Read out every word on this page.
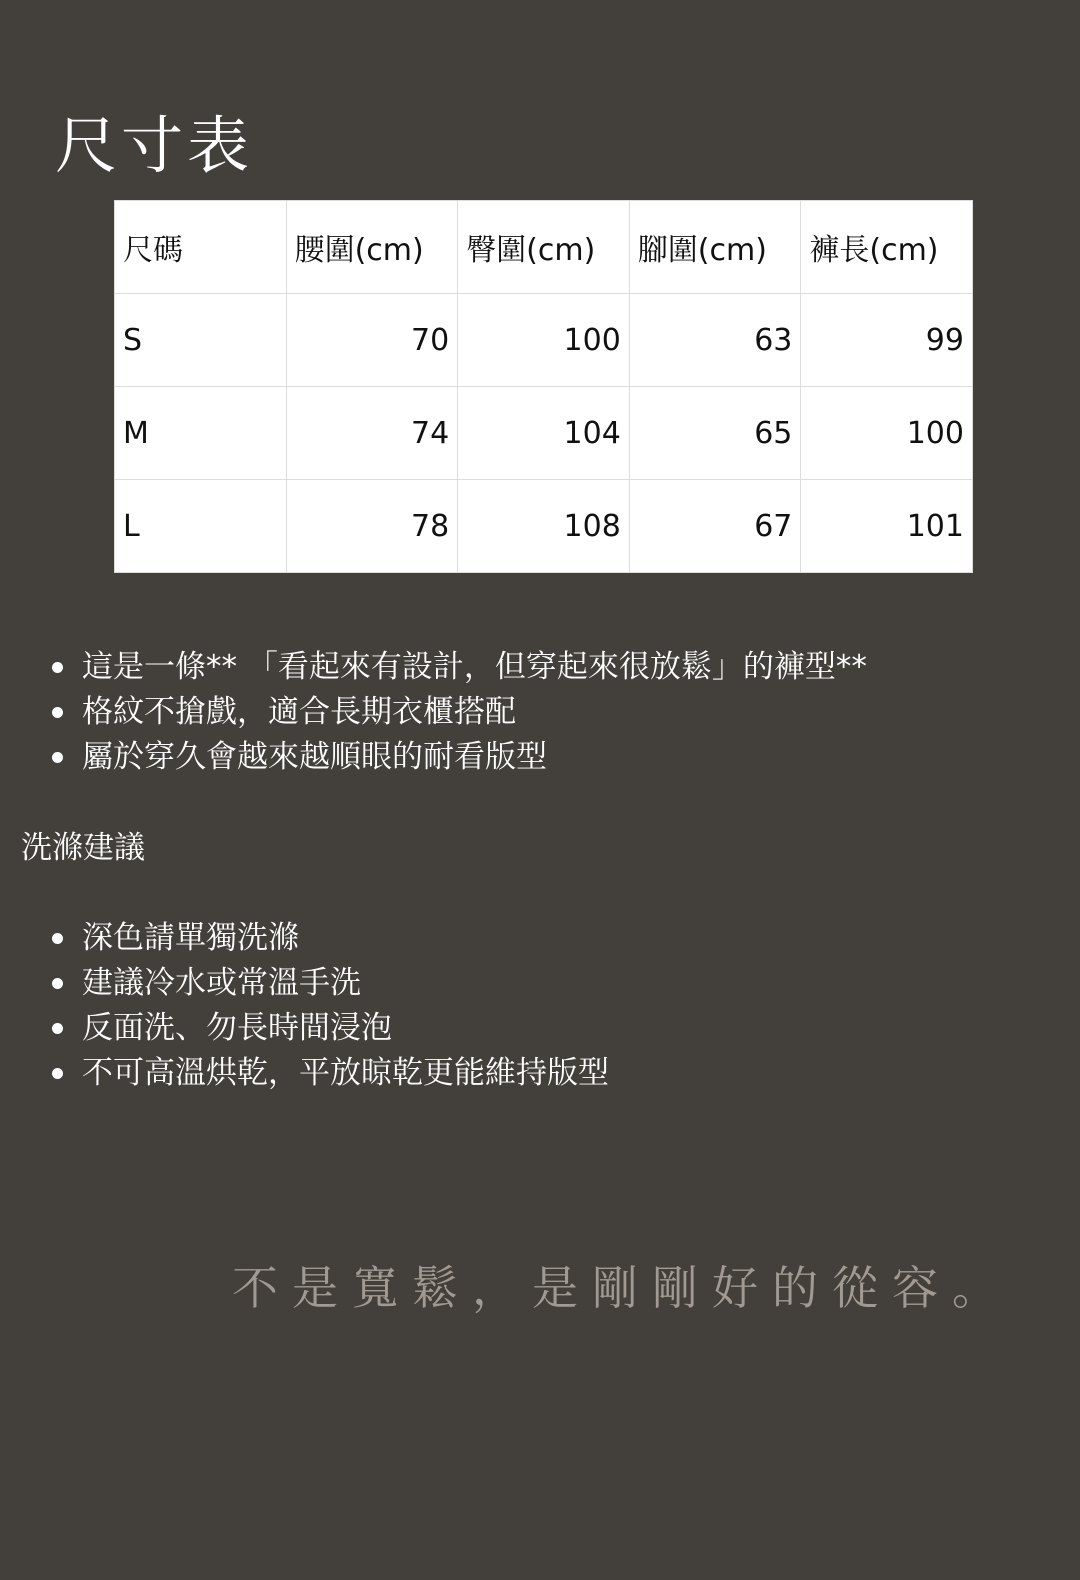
尺寸表
尺碼	腰圍(cm)	臀圍(cm)	腳圍(cm)	褲長(cm)
S	70	100	63	99
M	74	104	65	100
L	78	108	67	101
這是一條** 「看起來有設計，但穿起來很放鬆」的褲型**
格紋不搶戲，適合長期衣櫃搭配
屬於穿久會越來越順眼的耐看版型
洗滌建議
深色請單獨洗滌
建議冷水或常溫手洗
反面洗、勿長時間浸泡
不可高溫烘乾，平放晾乾更能維持版型
不是寬鬆，是剛剛好的從容。
